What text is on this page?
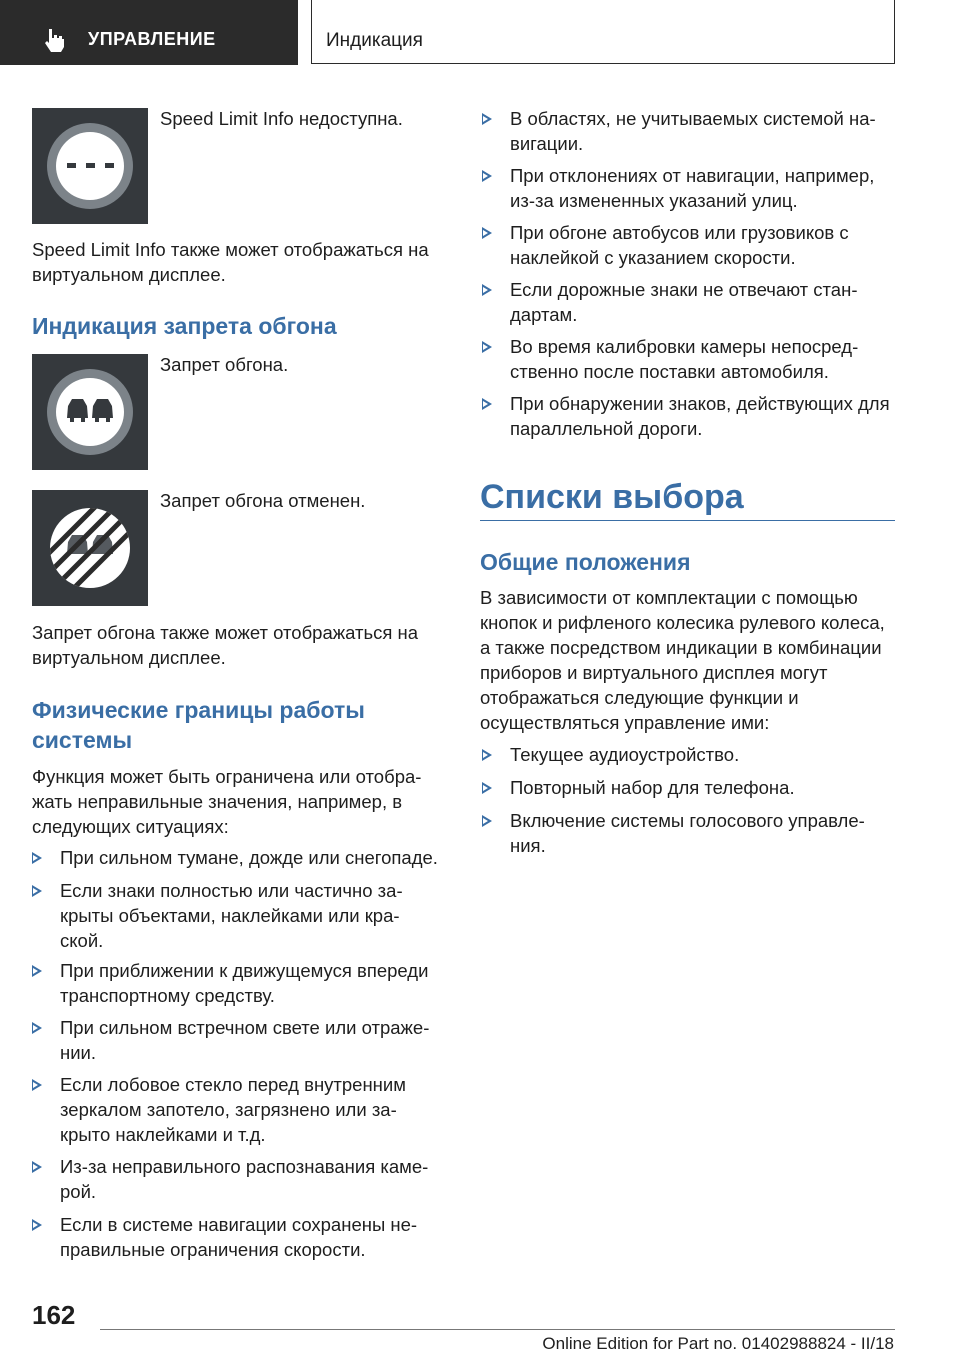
УПРАВЛЕНИЕ	Индикация

Speed Limit Info недоступна.

Speed Limit Info также может отображаться на виртуальном дисплее.

Индикация запрета обгона

Запрет обгона.

Запрет обгона отменен.

Запрет обгона также может отображаться на виртуальном дисплее.

Физические границы работы системы

Функция может быть ограничена или отображать неправильные значения, например, в следующих ситуациях:

При сильном тумане, дожде или снегопаде.
Если знаки полностью или частично закрыты объектами, наклейками или краской.
При приближении к движущемуся впереди транспортному средству.
При сильном встречном свете или отражении.
Если лобовое стекло перед внутренним зеркалом запотело, загрязнено или закрыто наклейками и т.д.
Из-за неправильного распознавания камерой.
Если в системе навигации сохранены неправильные ограничения скорости.
В областях, не учитываемых системой навигации.
При отклонениях от навигации, например, из-за измененных указаний улиц.
При обгоне автобусов или грузовиков с наклейкой с указанием скорости.
Если дорожные знаки не отвечают стандартам.
Во время калибровки камеры непосредственно после поставки автомобиля.
При обнаружении знаков, действующих для параллельной дороги.
Списки выбора
Общие положения

В зависимости от комплектации с помощью кнопок и рифленого колесика рулевого колеса, а также посредством индикации в комбинации приборов и виртуального дисплея могут отображаться следующие функции и осуществляться управление ими:

Текущее аудиоустройство.
Повторный набор для телефона.
Включение системы голосового управления.
162
Online Edition for Part no. 01402988824 - II/18
